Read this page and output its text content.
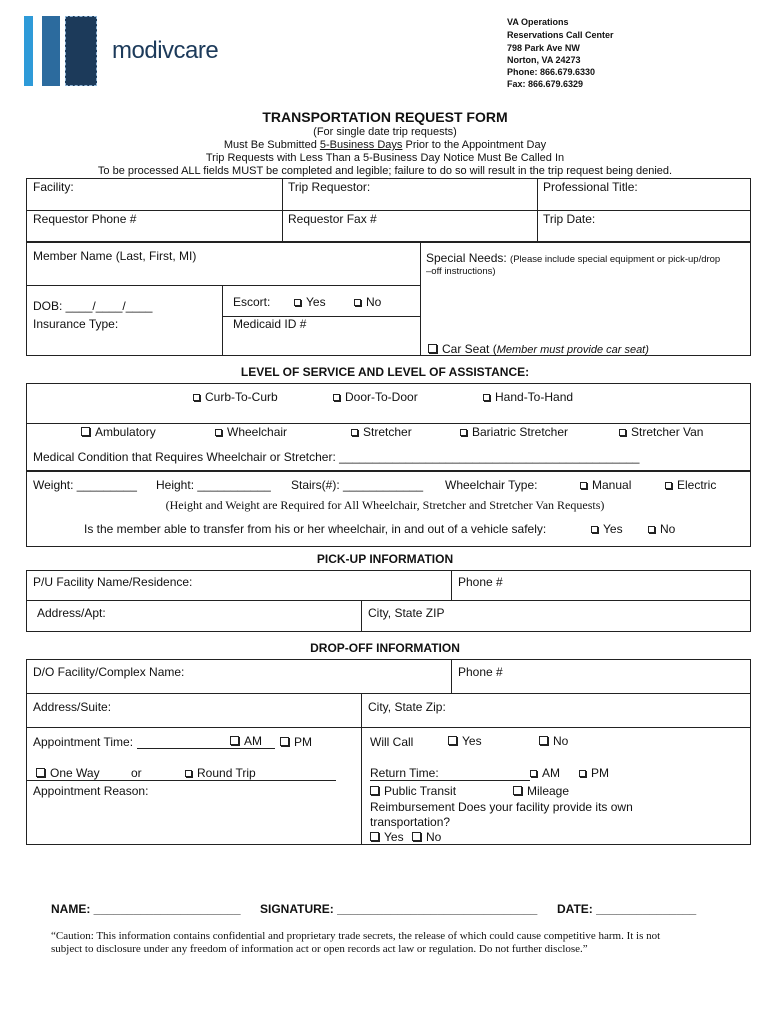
modivcare
VA Operations
Reservations Call Center
798 Park Ave NW
Norton, VA 24273
Phone: 866.679.6330
Fax: 866.679.6329
TRANSPORTATION REQUEST FORM
(For single date trip requests)
Must Be Submitted 5-Business Days Prior to the Appointment Day
Trip Requests with Less Than a 5-Business Day Notice Must Be Called In
To be processed ALL fields MUST be completed and legible; failure to do so will result in the trip request being denied.
Facility:	Trip Requestor:	Professional Title:
Requestor Phone #	Requestor Fax #	Trip Date:
Member Name (Last, First, MI)	Special Needs: (Please include special equipment or pick-up/drop
–off instructions)
DOB: ____/____/____	Escort:	Yes	No
Insurance Type:	Medicaid ID #
Car Seat (Member must provide car seat)
LEVEL OF SERVICE AND LEVEL OF ASSISTANCE:
Curb-To-Curb	Door-To-Door	Hand-To-Hand
Ambulatory	Wheelchair	Stretcher	Bariatric Stretcher	Stretcher Van
Medical Condition that Requires Wheelchair or Stretcher: _____________________________________________
Weight: _________ Height: ___________ Stairs(#): ____________ Wheelchair Type:	Manual	Electric
(Height and Weight are Required for All Wheelchair, Stretcher and Stretcher Van Requests)
Is the member able to transfer from his or her wheelchair, in and out of a vehicle safely:	Yes	No
PICK-UP INFORMATION
P/U Facility Name/Residence:	Phone #
Address/Apt:	City, State ZIP
DROP-OFF INFORMATION
D/O Facility/Complex Name:	Phone #
Address/Suite:	City, State Zip:
Appointment Time:	AM	PM	Will Call	Yes	No
One Way	or	Round Trip
Appointment Reason:
Return Time:	AM	PM
Public Transit	Mileage
Reimbursement Does your facility provide its own
transportation?
Yes	No
NAME: ______________________ SIGNATURE: ______________________________ DATE: _______________
“Caution: This information contains confidential and proprietary trade secrets, the release of which could cause competitive harm. It is not
subject to disclosure under any freedom of information act or open records act law or regulation. Do not further disclose.”
